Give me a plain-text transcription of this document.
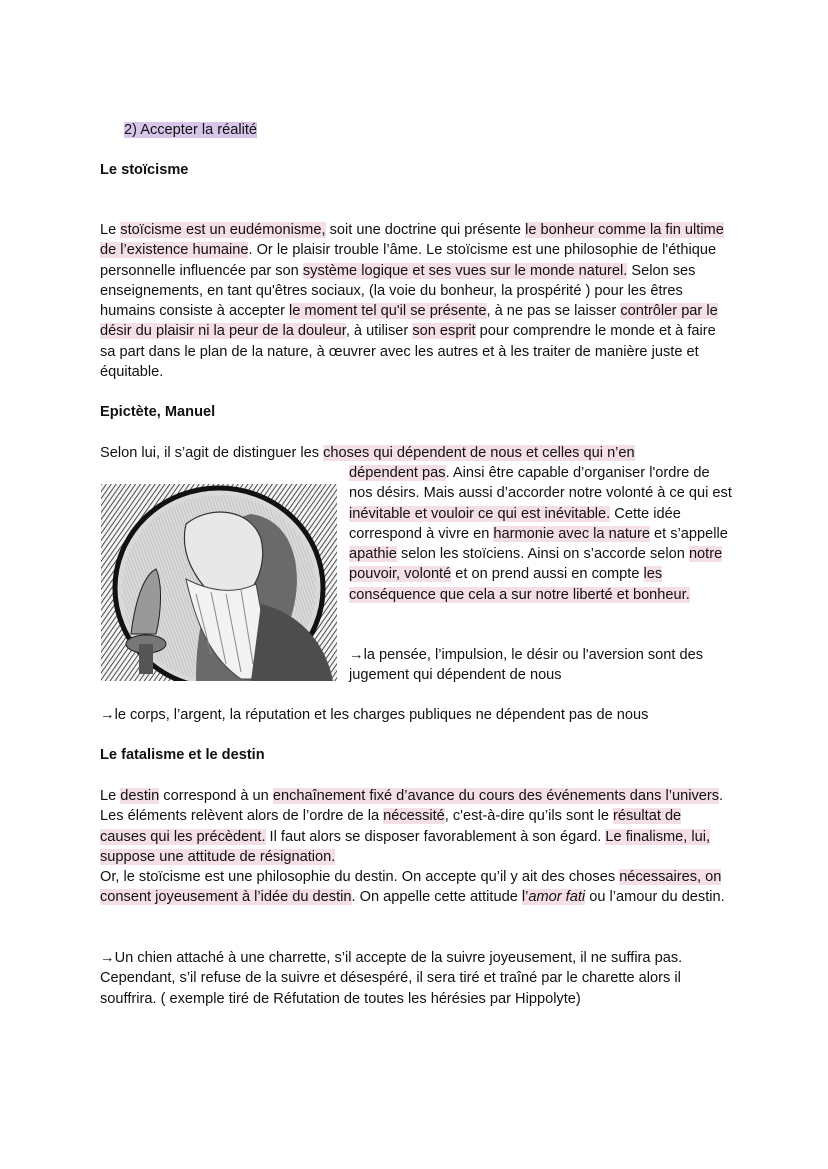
2) Accepter la réalité

Le stoïcisme

Le stoïcisme est un eudémonisme, soit une doctrine qui présente le bonheur comme la fin ultime de l’existence humaine. Or le plaisir trouble l’âme. Le stoïcisme est une philosophie de l'éthique personnelle influencée par son système logique et ses vues sur le monde naturel. Selon ses enseignements, en tant qu'êtres sociaux, (la voie du bonheur, la prospérité ) pour les êtres humains consiste à accepter le moment tel qu'il se présente, à ne pas se laisser contrôler par le désir du plaisir ni la peur de la douleur, à utiliser son esprit pour comprendre le monde et à faire sa part dans le plan de la nature, à œuvrer avec les autres et à les traiter de manière juste et équitable.

Epictète, Manuel

Selon lui, il s’agit de distinguer les choses qui dépendent de nous et celles qui n’en

dépendent pas. Ainsi être capable d’organiser l'ordre de nos désirs. Mais aussi d’accorder notre volonté à ce qui est inévitable et vouloir ce qui est inévitable. Cette idée correspond à vivre en harmonie avec la nature et s’appelle apathie selon les stoïciens. Ainsi on s’accorde selon notre pouvoir, volonté et on prend aussi en compte les conséquence que cela a sur notre liberté et bonheur.

→la pensée, l’impulsion, le désir ou l'aversion sont des jugement qui dépendent de nous

→le corps, l’argent, la réputation et les charges publiques ne dépendent pas de nous

Le fatalisme et le destin

Le destin correspond à un enchaînement fixé d’avance du cours des événements dans l’univers. Les éléments relèvent alors de l’ordre de la nécessité, c'est-à-dire qu’ils sont le résultat de causes qui les précèdent. Il faut alors se disposer favorablement à son égard. Le finalisme, lui, suppose une attitude de résignation.

Or, le stoïcisme est une philosophie du destin. On accepte qu’il y ait des choses nécessaires, on consent joyeusement à l’idée du destin. On appelle cette attitude l’amor fati ou l’amour du destin.

→Un chien attaché à une charrette, s’il accepte de la suivre joyeusement, il ne suffira pas. Cependant, s’il refuse de la suivre et désespéré, il sera tiré et traîné par le charette alors il souffrira. ( exemple tiré de Réfutation de toutes les hérésies par Hippolyte)
